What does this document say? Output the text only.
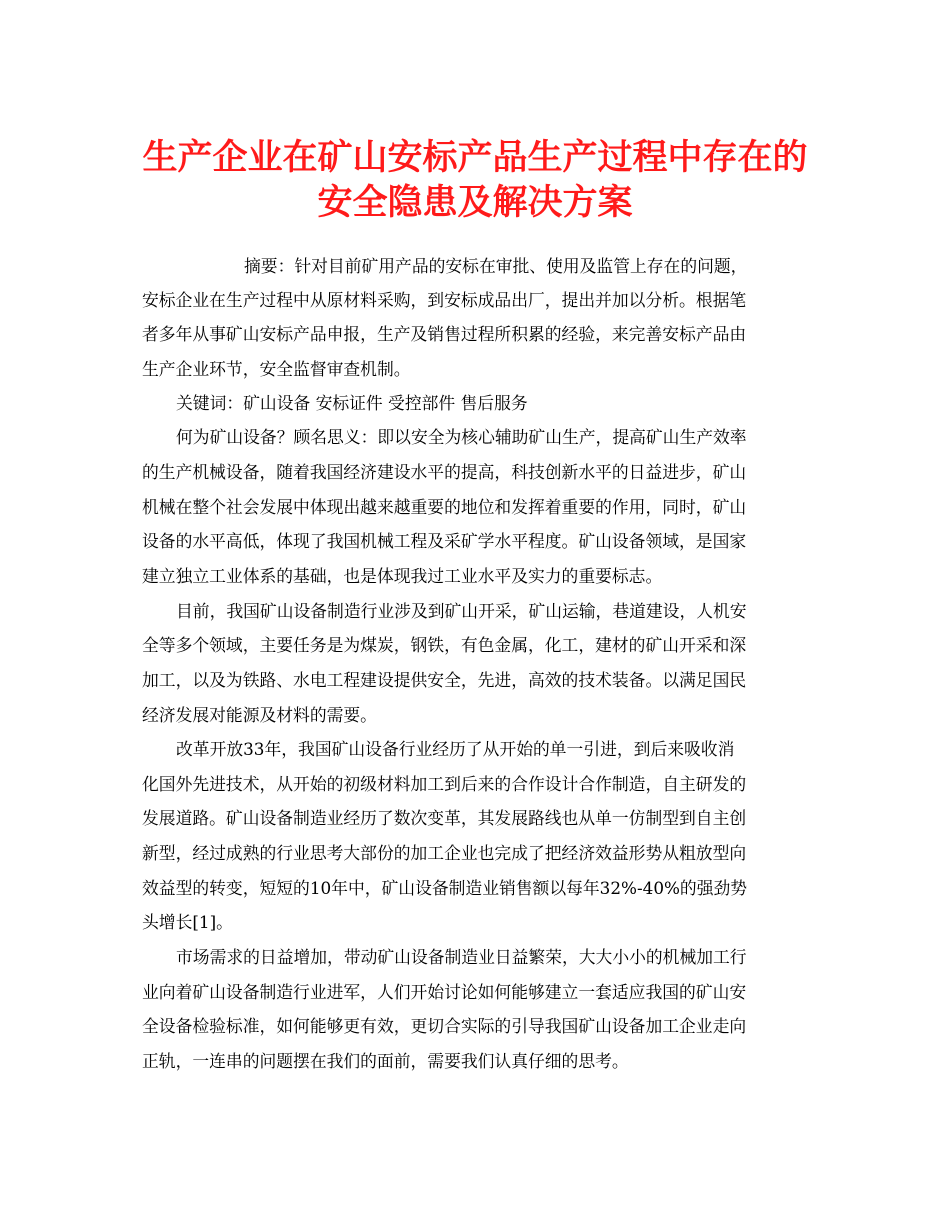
生产企业在矿山安标产品生产过程中存在的
安全隐患及解决方案
摘要：针对目前矿用产品的安标在审批、使用及监管上存在的问题，
安标企业在生产过程中从原材料采购，到安标成品出厂，提出并加以分析。根据笔
者多年从事矿山安标产品申报，生产及销售过程所积累的经验，来完善安标产品由
生产企业环节，安全监督审查机制。
关键词：矿山设备 安标证件 受控部件 售后服务
何为矿山设备？顾名思义：即以安全为核心辅助矿山生产，提高矿山生产效率
的生产机械设备，随着我国经济建设水平的提高，科技创新水平的日益进步，矿山
机械在整个社会发展中体现出越来越重要的地位和发挥着重要的作用，同时，矿山
设备的水平高低，体现了我国机械工程及采矿学水平程度。矿山设备领域，是国家
建立独立工业体系的基础，也是体现我过工业水平及实力的重要标志。
目前，我国矿山设备制造行业涉及到矿山开采，矿山运输，巷道建设，人机安
全等多个领域，主要任务是为煤炭，钢铁，有色金属，化工，建材的矿山开采和深
加工，以及为铁路、水电工程建设提供安全，先进，高效的技术装备。以满足国民
经济发展对能源及材料的需要。
改革开放33年，我国矿山设备行业经历了从开始的单一引进，到后来吸收消
化国外先进技术，从开始的初级材料加工到后来的合作设计合作制造，自主研发的
发展道路。矿山设备制造业经历了数次变革，其发展路线也从单一仿制型到自主创
新型，经过成熟的行业思考大部份的加工企业也完成了把经济效益形势从粗放型向
效益型的转变，短短的10年中，矿山设备制造业销售额以每年32%-40%的强劲势
头增长[1]。
市场需求的日益增加，带动矿山设备制造业日益繁荣，大大小小的机械加工行
业向着矿山设备制造行业进军，人们开始讨论如何能够建立一套适应我国的矿山安
全设备检验标准，如何能够更有效，更切合实际的引导我国矿山设备加工企业走向
正轨，一连串的问题摆在我们的面前，需要我们认真仔细的思考。
